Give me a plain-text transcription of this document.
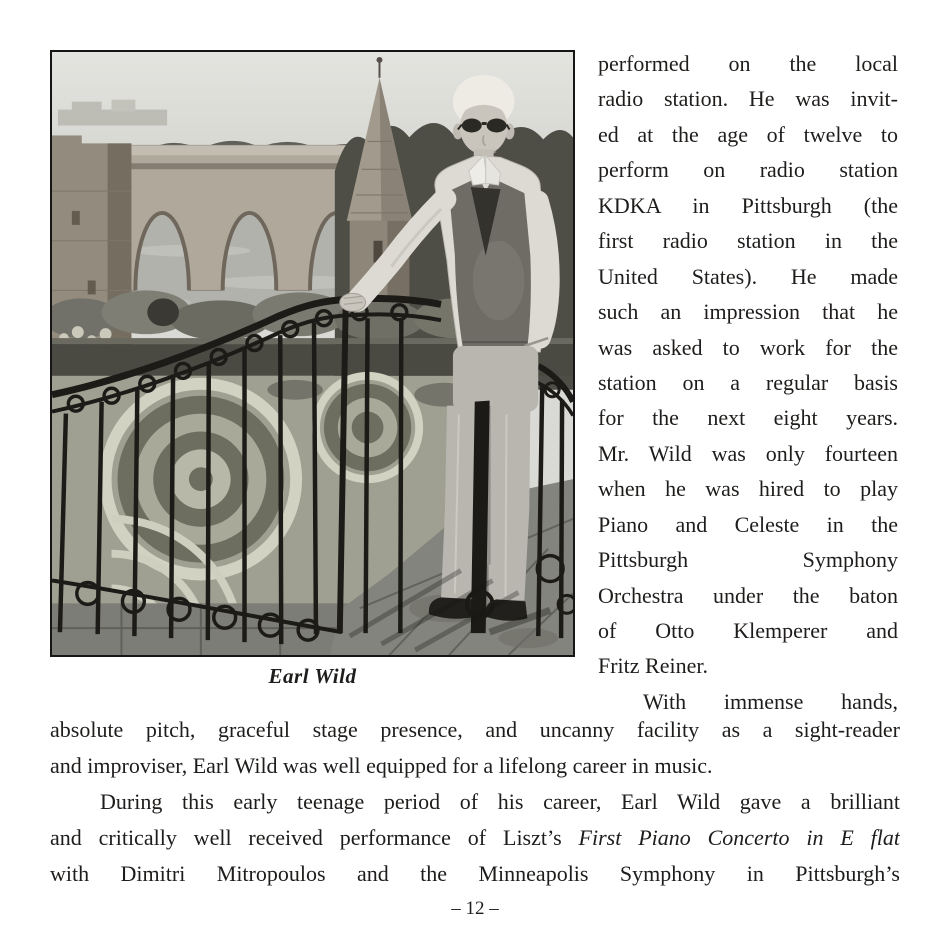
Earl Wild
performed on the local
radio station. He was invit-
ed at the age of twelve to
perform on radio station
KDKA in Pittsburgh (the
first radio station in the
United States). He made
such an impression that he
was asked to work for the
station on a regular basis
for the next eight years.
Mr. Wild was only fourteen
when he was hired to play
Piano and Celeste in the
Pittsburgh Symphony
Orchestra under the baton
of Otto Klemperer and
Fritz Reiner.
With immense hands,
absolute pitch, graceful stage presence, and uncanny facility as a sight-reader
and improviser, Earl Wild was well equipped for a lifelong career in music.
During this early teenage period of his career, Earl Wild gave a brilliant
and critically well received performance of Liszt’s First Piano Concerto in E flat
with Dimitri Mitropoulos and the Minneapolis Symphony in Pittsburgh’s
– 12 –
